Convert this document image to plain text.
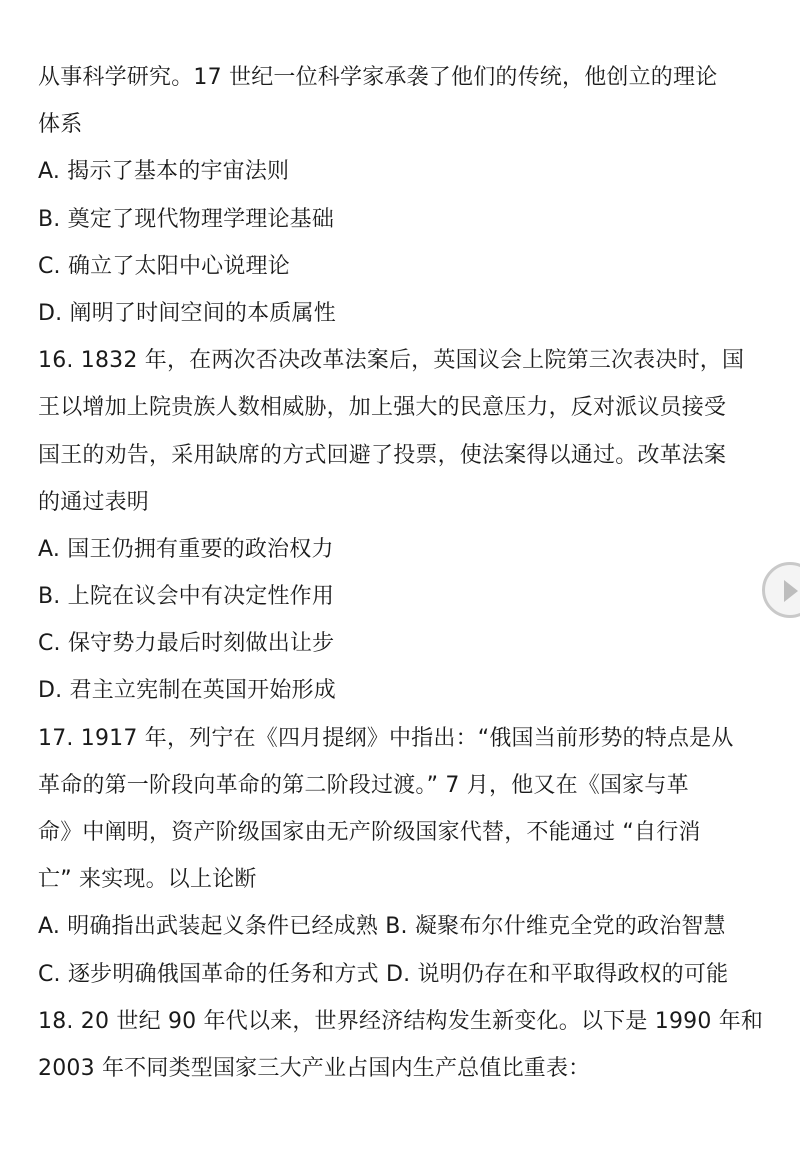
从事科学研究。17 世纪一位科学家承袭了他们的传统，他创立的理论
体系
A. 揭示了基本的宇宙法则
B. 奠定了现代物理学理论基础
C. 确立了太阳中心说理论
D. 阐明了时间空间的本质属性
16. 1832 年，在两次否决改革法案后，英国议会上院第三次表决时，国
王以增加上院贵族人数相威胁，加上强大的民意压力，反对派议员接受
国王的劝告，采用缺席的方式回避了投票，使法案得以通过。改革法案
的通过表明
A. 国王仍拥有重要的政治权力
B. 上院在议会中有决定性作用
C. 保守势力最后时刻做出让步
D. 君主立宪制在英国开始形成
17. 1917 年，列宁在《四月提纲》中指出：“俄国当前形势的特点是从
革命的第一阶段向革命的第二阶段过渡。” 7 月，他又在《国家与革
命》中阐明，资产阶级国家由无产阶级国家代替，不能通过 “自行消
亡” 来实现。以上论断
A. 明确指出武装起义条件已经成熟 B. 凝聚布尔什维克全党的政治智慧
C. 逐步明确俄国革命的任务和方式 D. 说明仍存在和平取得政权的可能
18. 20 世纪 90 年代以来，世界经济结构发生新变化。以下是 1990 年和
2003 年不同类型国家三大产业占国内生产总值比重表：
